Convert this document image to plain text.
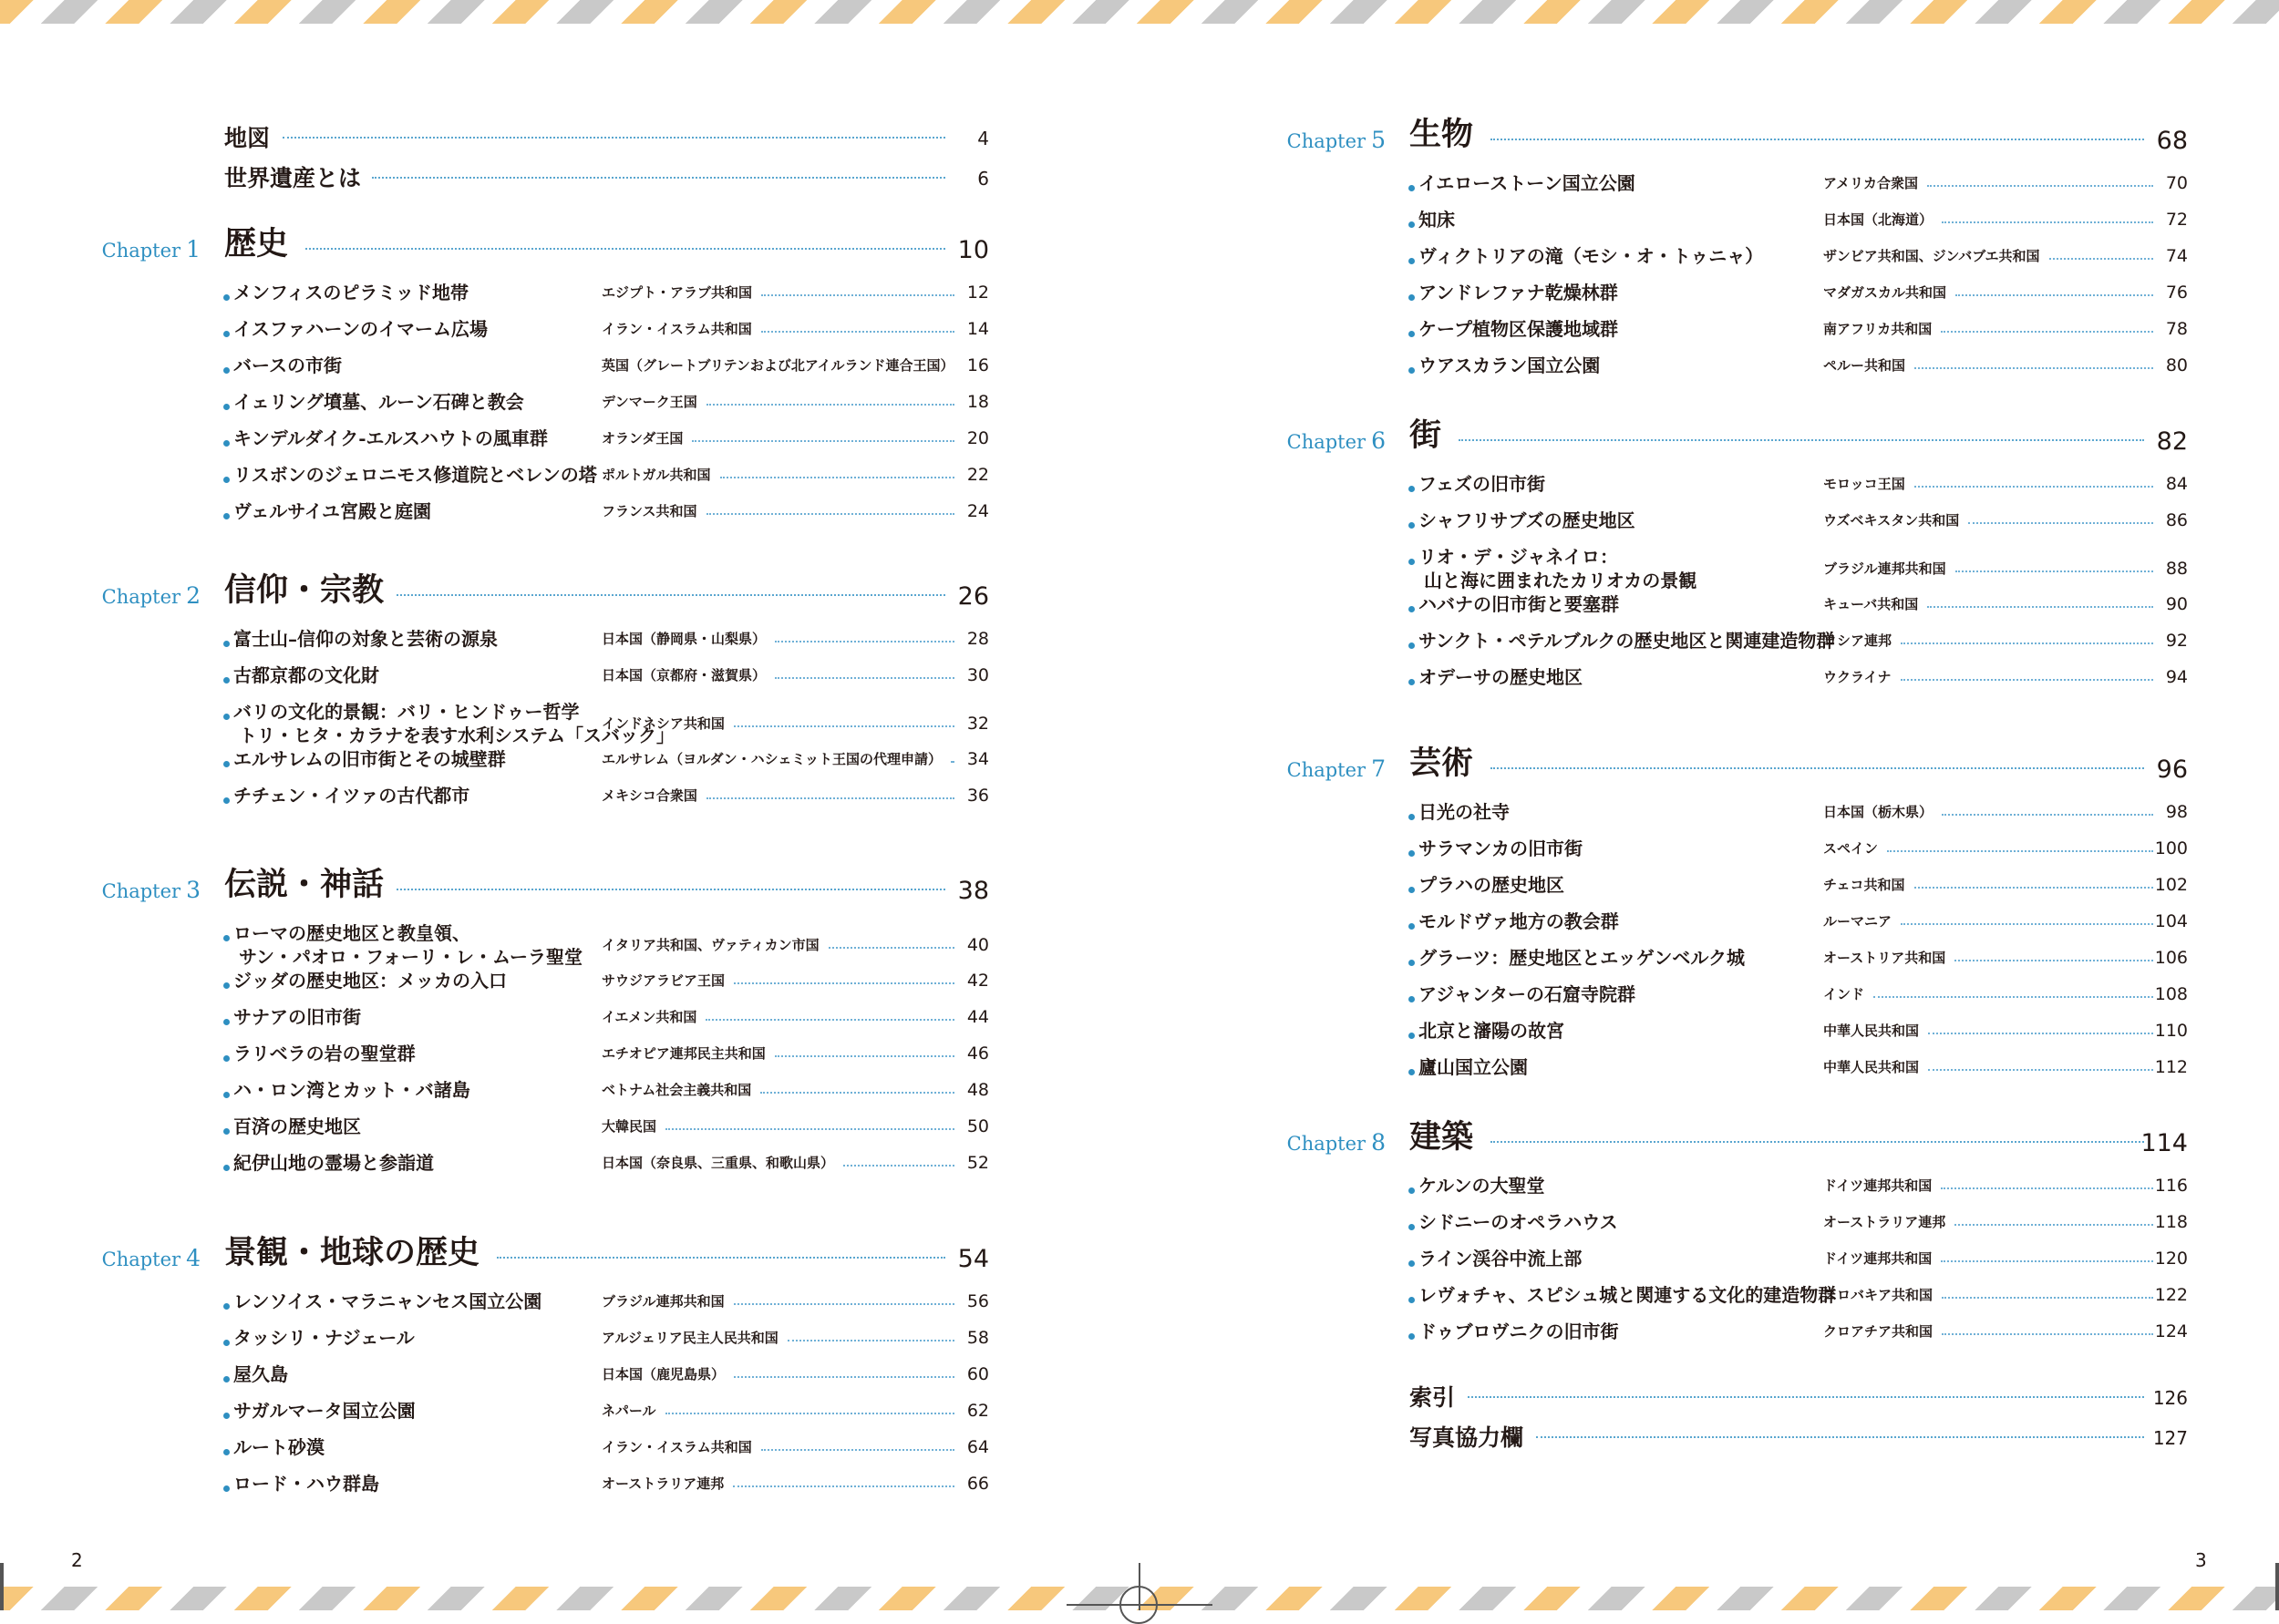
地図	4
世界遺産とは	6
Chapter 1 歴史	10
メンフィスのピラミッド地帯	エジプト・アラブ共和国	12
イスファハーンのイマーム広場	イラン・イスラム共和国	14
バースの市街	英国（グレートブリテンおよび北アイルランド連合王国） 16
イェリング墳墓、ルーン石碑と教会	デンマーク王国	18
キンデルダイク-エルスハウトの風車群	オランダ王国	20
リスボンのジェロニモス修道院とベレンの塔 ポルトガル共和国	22
ヴェルサイユ宮殿と庭園	フランス共和国	24
Chapter 2 信仰・宗教	26
富士山–信仰の対象と芸術の源泉	日本国（静岡県・山梨県）	28
古都京都の文化財	日本国（京都府・滋賀県）	30
バリの文化的景観：バリ・ヒンドゥー哲学
トリ・ヒタ・カラナを表す水利システム「スバック」
インドネシア共和国	32
エルサレムの旧市街とその城壁群	エルサレム（ヨルダン・ハシェミット王国の代理申請） 34
チチェン・イツァの古代都市	メキシコ合衆国	36
Chapter 3 伝説・神話	38
ローマの歴史地区と教皇領、
サン・パオロ・フォーリ・レ・ムーラ聖堂
イタリア共和国、ヴァティカン市国	40
ジッダの歴史地区：メッカの入口	サウジアラビア王国	42
サナアの旧市街	イエメン共和国	44
ラリベラの岩の聖堂群	エチオピア連邦民主共和国	46
ハ・ロン湾とカット・バ諸島	ベトナム社会主義共和国	48
百済の歴史地区	大韓民国	50
紀伊山地の霊場と参詣道	日本国（奈良県、三重県、和歌山県）	52
Chapter 4 景観・地球の歴史	54
レンソイス・マラニャンセス国立公園	ブラジル連邦共和国	56
タッシリ・ナジェール	アルジェリア民主人民共和国	58
屋久島	日本国（鹿児島県）	60
サガルマータ国立公園	ネパール	62
ルート砂漠	イラン・イスラム共和国	64
ロード・ハウ群島	オーストラリア連邦	66
Chapter 5 生物	68
イエローストーン国立公園	アメリカ合衆国	70
知床	日本国（北海道）	72
ヴィクトリアの滝（モシ・オ・トゥニャ）	ザンビア共和国、ジンバブエ共和国	74
アンドレファナ乾燥林群	マダガスカル共和国	76
ケープ植物区保護地域群	南アフリカ共和国	78
ウアスカラン国立公園	ペルー共和国	80
Chapter 6 街	82
フェズの旧市街	モロッコ王国	84
シャフリサブズの歴史地区	ウズベキスタン共和国	86
リオ・デ・ジャネイロ：
山と海に囲まれたカリオカの景観
ブラジル連邦共和国	88
ハバナの旧市街と要塞群	キューバ共和国	90
サンクト・ペテルブルクの歴史地区と関連建造物群
ロシア連邦	92
オデーサの歴史地区	ウクライナ	94
Chapter 7 芸術	96
日光の社寺	日本国（栃木県）	98
サラマンカの旧市街	スペイン	100
プラハの歴史地区	チェコ共和国	102
モルドヴァ地方の教会群	ルーマニア	104
グラーツ：歴史地区とエッゲンベルク城	オーストリア共和国	106
アジャンターの石窟寺院群	インド	108
北京と瀋陽の故宮	中華人民共和国	110
廬山国立公園	中華人民共和国	112
Chapter 8 建築	114
ケルンの大聖堂	ドイツ連邦共和国	116
シドニーのオペラハウス	オーストラリア連邦	118
ライン渓谷中流上部	ドイツ連邦共和国	120
レヴォチャ、スピシュ城と関連する文化的建造物群
スロバキア共和国	122
ドゥブロヴニクの旧市街	クロアチア共和国	124
索引	126
写真協力欄	127
2	3
